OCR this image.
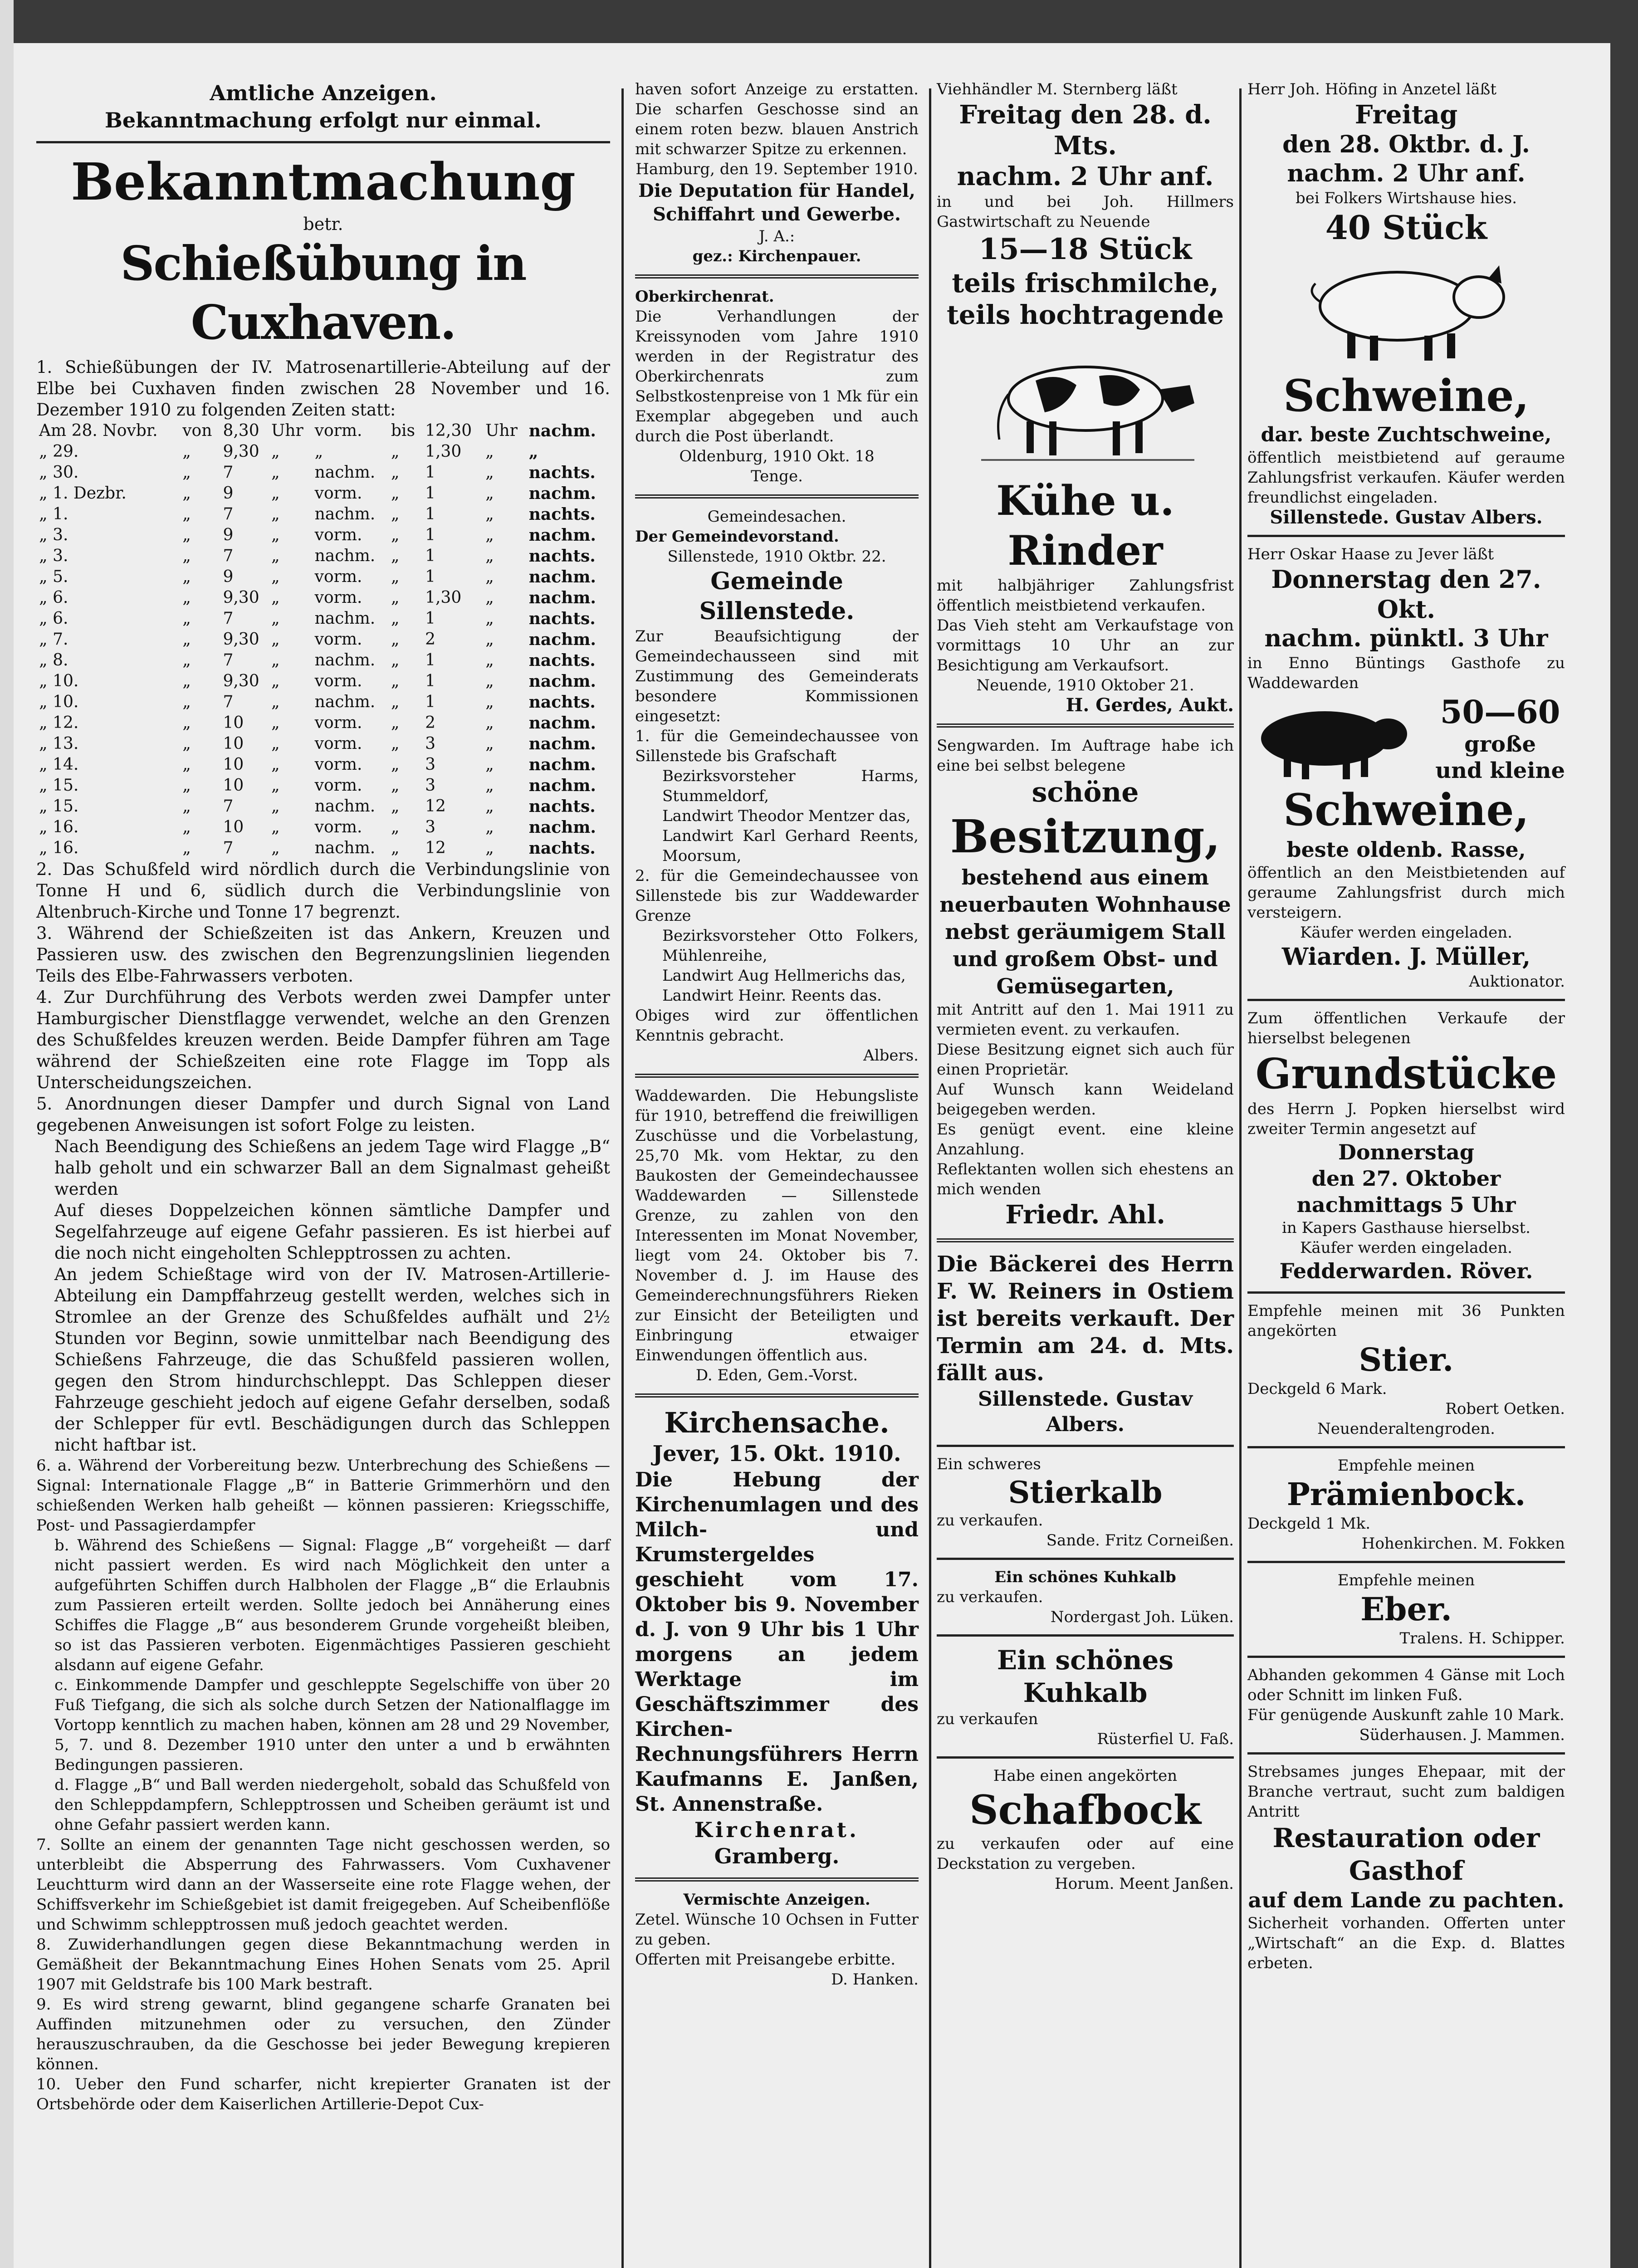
Amtliche Anzeigen.

Bekanntmachung erfolgt nur einmal.

Bekanntmachung

betr.

Schießübung in Cuxhaven.

1. Schießübungen der IV. Matrosenartillerie-Abteilung auf der Elbe bei Cuxhaven finden zwischen 28 November und 16. Dezember 1910 zu folgenden Zeiten statt:

Am 28. Novbr.	von	8,30	Uhr	vorm.	bis	12,30	Uhr	nachm.
„ 29.	„	9,30	„	„	„	1,30	„	„
„ 30.	„	7	„	nachm.	„	1	„	nachts.
„ 1. Dezbr.	„	9	„	vorm.	„	1	„	nachm.
„ 1.	„	7	„	nachm.	„	1	„	nachts.
„ 3.	„	9	„	vorm.	„	1	„	nachm.
„ 3.	„	7	„	nachm.	„	1	„	nachts.
„ 5.	„	9	„	vorm.	„	1	„	nachm.
„ 6.	„	9,30	„	vorm.	„	1,30	„	nachm.
„ 6.	„	7	„	nachm.	„	1	„	nachts.
„ 7.	„	9,30	„	vorm.	„	2	„	nachm.
„ 8.	„	7	„	nachm.	„	1	„	nachts.
„ 10.	„	9,30	„	vorm.	„	1	„	nachm.
„ 10.	„	7	„	nachm.	„	1	„	nachts.
„ 12.	„	10	„	vorm.	„	2	„	nachm.
„ 13.	„	10	„	vorm.	„	3	„	nachm.
„ 14.	„	10	„	vorm.	„	3	„	nachm.
„ 15.	„	10	„	vorm.	„	3	„	nachm.
„ 15.	„	7	„	nachm.	„	12	„	nachts.
„ 16.	„	10	„	vorm.	„	3	„	nachm.
„ 16.	„	7	„	nachm.	„	12	„	nachts.

2. Das Schußfeld wird nördlich durch die Verbindungslinie von Tonne H und 6, südlich durch die Verbindungslinie von Altenbruch-Kirche und Tonne 17 begrenzt.

3. Während der Schießzeiten ist das Ankern, Kreuzen und Passieren usw. des zwischen den Begrenzungslinien liegenden Teils des Elbe-Fahrwassers verboten.

4. Zur Durchführung des Verbots werden zwei Dampfer unter Hamburgischer Dienstflagge verwendet, welche an den Grenzen des Schußfeldes kreuzen werden. Beide Dampfer führen am Tage während der Schießzeiten eine rote Flagge im Topp als Unterscheidungszeichen.

5. Anordnungen dieser Dampfer und durch Signal von Land gegebenen Anweisungen ist sofort Folge zu leisten.

Nach Beendigung des Schießens an jedem Tage wird Flagge „B“ halb geholt und ein schwarzer Ball an dem Signalmast geheißt werden

Auf dieses Doppelzeichen können sämtliche Dampfer und Segelfahrzeuge auf eigene Gefahr passieren. Es ist hierbei auf die noch nicht eingeholten Schlepptrossen zu achten.

An jedem Schießtage wird von der IV. Matrosen-Artillerie-Abteilung ein Dampffahrzeug gestellt werden, welches sich in Stromlee an der Grenze des Schußfeldes aufhält und 2½ Stunden vor Beginn, sowie unmittelbar nach Beendigung des Schießens Fahrzeuge, die das Schußfeld passieren wollen, gegen den Strom hindurchschleppt. Das Schleppen dieser Fahrzeuge geschieht jedoch auf eigene Gefahr derselben, sodaß der Schlepper für evtl. Beschädigungen durch das Schleppen nicht haftbar ist.

6. a. Während der Vorbereitung bezw. Unterbrechung des Schießens — Signal: Internationale Flagge „B“ in Batterie Grimmerhörn und den schießenden Werken halb geheißt — können passieren: Kriegsschiffe, Post- und Passagierdampfer

b. Während des Schießens — Signal: Flagge „B“ vorgeheißt — darf nicht passiert werden. Es wird nach Möglichkeit den unter a aufgeführten Schiffen durch Halbholen der Flagge „B“ die Erlaubnis zum Passieren erteilt werden. Sollte jedoch bei Annäherung eines Schiffes die Flagge „B“ aus besonderem Grunde vorgeheißt bleiben, so ist das Passieren verboten. Eigenmächtiges Passieren geschieht alsdann auf eigene Gefahr.

c. Einkommende Dampfer und geschleppte Segelschiffe von über 20 Fuß Tiefgang, die sich als solche durch Setzen der Nationalflagge im Vortopp kenntlich zu machen haben, können am 28 und 29 November, 5, 7. und 8. Dezember 1910 unter den unter a und b erwähnten Bedingungen passieren.

d. Flagge „B“ und Ball werden niedergeholt, sobald das Schußfeld von den Schleppdampfern, Schlepptrossen und Scheiben geräumt ist und ohne Gefahr passiert werden kann.

7. Sollte an einem der genannten Tage nicht geschossen werden, so unterbleibt die Absperrung des Fahrwassers. Vom Cuxhavener Leuchtturm wird dann an der Wasserseite eine rote Flagge wehen, der Schiffsverkehr im Schießgebiet ist damit freigegeben. Auf Scheibenflöße und Schwimm schlepptrossen muß jedoch geachtet werden.

8. Zuwiderhandlungen gegen diese Bekanntmachung werden in Gemäßheit der Bekanntmachung Eines Hohen Senats vom 25. April 1907 mit Geldstrafe bis 100 Mark bestraft.

9. Es wird streng gewarnt, blind gegangene scharfe Granaten bei Auffinden mitzunehmen oder zu versuchen, den Zünder herauszuschrauben, da die Geschosse bei jeder Bewegung krepieren können.

10. Ueber den Fund scharfer, nicht krepierter Granaten ist der Ortsbehörde oder dem Kaiserlichen Artillerie-Depot Cux-

haven sofort Anzeige zu erstatten. Die scharfen Geschosse sind an einem roten bezw. blauen Anstrich mit schwarzer Spitze zu erkennen.

Hamburg, den 19. September 1910.

Die Deputation für Handel, Schiffahrt und Gewerbe.

J. A.:

gez.: Kirchenpauer.

Oberkirchenrat.

Die Verhandlungen der Kreissynoden vom Jahre 1910 werden in der Registratur des Oberkirchenrats zum Selbstkostenpreise von 1 Mk für ein Exemplar abgegeben und auch durch die Post überlandt.

Oldenburg, 1910 Okt. 18

Tenge.

Gemeindesachen.

Der Gemeindevorstand.

Sillenstede, 1910 Oktbr. 22.

Gemeinde Sillenstede.

Zur Beaufsichtigung der Gemeindechausseen sind mit Zustimmung des Gemeinderats besondere Kommissionen eingesetzt:

1. für die Gemeindechaussee von Sillenstede bis Grafschaft

Bezirksvorsteher Harms, Stummeldorf,

Landwirt Theodor Mentzer das,

Landwirt Karl Gerhard Reents, Moorsum,

2. für die Gemeindechaussee von Sillenstede bis zur Waddewarder Grenze

Bezirksvorsteher Otto Folkers, Mühlenreihe,

Landwirt Aug Hellmerichs das,

Landwirt Heinr. Reents das.

Obiges wird zur öffentlichen Kenntnis gebracht.

Albers.

Waddewarden. Die Hebungsliste für 1910, betreffend die freiwilligen Zuschüsse und die Vorbelastung, 25,70 Mk. vom Hektar, zu den Baukosten der Gemeindechaussee Waddewarden — Sillenstede Grenze, zu zahlen von den Interessenten im Monat November, liegt vom 24. Oktober bis 7. November d. J. im Hause des Gemeinderechnungsführers Rieken zur Einsicht der Beteiligten und Einbringung etwaiger Einwendungen öffentlich aus.

D. Eden, Gem.-Vorst.

Kirchensache.

Jever, 15. Okt. 1910.

Die Hebung der Kirchenumlagen und des Milch- und Krumstergeldes geschieht vom 17. Oktober bis 9. November d. J. von 9 Uhr bis 1 Uhr morgens an jedem Werktage im Geschäftszimmer des Kirchen-Rechnungsführers Herrn Kaufmanns E. Janßen, St. Annenstraße.

Kirchenrat.

Gramberg.

Vermischte Anzeigen.

Zetel. Wünsche 10 Ochsen in Futter zu geben.

Offerten mit Preisangebe erbitte.

D. Hanken.

Viehhändler M. Sternberg läßt

Freitag den 28. d. Mts.

nachm. 2 Uhr anf.

in und bei Joh. Hillmers Gastwirtschaft zu Neuende

15—18 Stück

teils frischmilche,

teils hochtragende

Kühe u. Rinder

mit halbjähriger Zahlungsfrist öffentlich meistbietend verkaufen.

Das Vieh steht am Verkaufstage von vormittags 10 Uhr an zur Besichtigung am Verkaufsort.

Neuende, 1910 Oktober 21.

H. Gerdes, Aukt.

Sengwarden. Im Auftrage habe ich eine bei selbst belegene

schöne

Besitzung,

bestehend aus einem neuerbauten Wohnhause nebst geräumigem Stall und großem Obst- und Gemüsegarten,

mit Antritt auf den 1. Mai 1911 zu vermieten event. zu verkaufen.

Diese Besitzung eignet sich auch für einen Proprietär.

Auf Wunsch kann Weideland beigegeben werden.

Es genügt event. eine kleine Anzahlung.

Reflektanten wollen sich ehestens an mich wenden

Friedr. Ahl.

Die Bäckerei des Herrn F. W. Reiners in Ostiem ist bereits verkauft. Der Termin am 24. d. Mts. fällt aus.

Sillenstede. Gustav Albers.

Ein schweres

Stierkalb

zu verkaufen.

Sande. Fritz Corneißen.

Ein schönes Kuhkalb

zu verkaufen.

Nordergast Joh. Lüken.

Ein schönes Kuhkalb

zu verkaufen

Rüsterfiel U. Faß.

Habe einen angekörten

Schafbock

zu verkaufen oder auf eine Deckstation zu vergeben.

Horum. Meent Janßen.

Herr Joh. Höfing in Anzetel läßt

Freitag

den 28. Oktbr. d. J.

nachm. 2 Uhr anf.

bei Folkers Wirtshause hies.

40 Stück

Schweine,

dar. beste Zuchtschweine,

öffentlich meistbietend auf geraume Zahlungsfrist verkaufen. Käufer werden freundlichst eingeladen.

Sillenstede. Gustav Albers.

Herr Oskar Haase zu Jever läßt

Donnerstag den 27. Okt.

nachm. pünktl. 3 Uhr

in Enno Büntings Gasthofe zu Waddewarden

50—60

große

und kleine

Schweine,

beste oldenb. Rasse,

öffentlich an den Meistbietenden auf geraume Zahlungsfrist durch mich versteigern.

Käufer werden eingeladen.

Wiarden. J. Müller,

Auktionator.

Zum öffentlichen Verkaufe der hierselbst belegenen

Grundstücke

des Herrn J. Popken hierselbst wird zweiter Termin angesetzt auf

Donnerstag

den 27. Oktober

nachmittags 5 Uhr

in Kapers Gasthause hierselbst.

Käufer werden eingeladen.

Fedderwarden. Röver.

Empfehle meinen mit 36 Punkten angekörten

Stier.

Deckgeld 6 Mark.

Robert Oetken.

Neuenderaltengroden.

Empfehle meinen

Prämienbock.

Deckgeld 1 Mk.

Hohenkirchen. M. Fokken

Empfehle meinen

Eber.

Tralens. H. Schipper.

Abhanden gekommen 4 Gänse mit Loch oder Schnitt im linken Fuß.

Für genügende Auskunft zahle 10 Mark.

Süderhausen. J. Mammen.

Strebsames junges Ehepaar, mit der Branche vertraut, sucht zum baldigen Antritt

Restauration oder Gasthof

auf dem Lande zu pachten.

Sicherheit vorhanden. Offerten unter „Wirtschaft“ an die Exp. d. Blattes erbeten.
